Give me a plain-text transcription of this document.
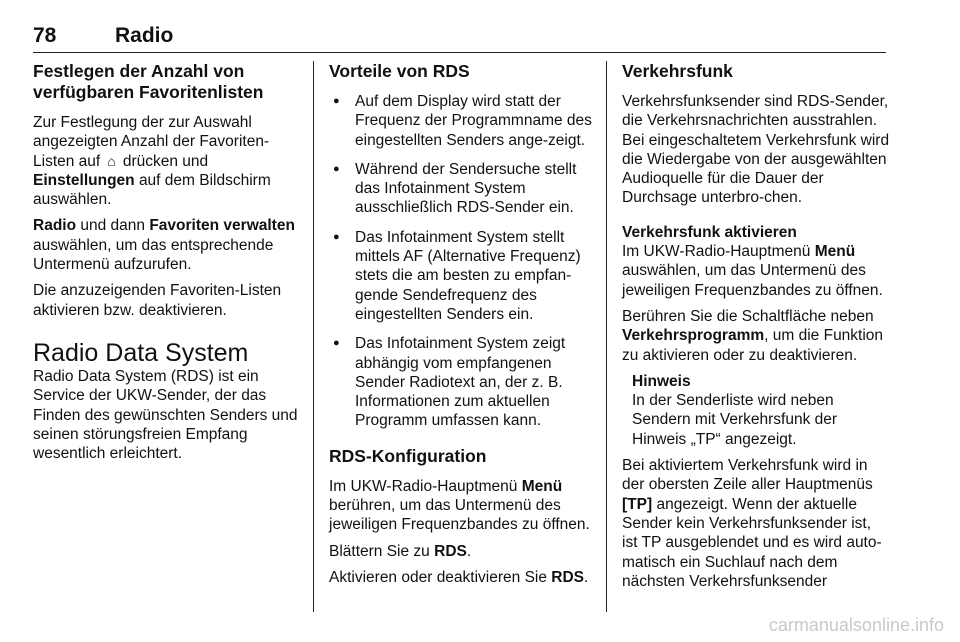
78	Radio
Festlegen der Anzahl von verfügbaren Favoritenlisten

Zur Festlegung der zur Auswahl angezeigten Anzahl der Favoriten-Listen auf ⌂ drücken und
Einstellungen auf dem Bildschirm auswählen.

Radio und dann Favoriten verwalten auswählen, um das entsprechende Untermenü aufzurufen.

Die anzuzeigenden Favoriten-Listen aktivieren bzw. deaktivieren.

Radio Data System

Radio Data System (RDS) ist ein Service der UKW-Sender, der das Finden des gewünschten Senders und seinen störungsfreien Empfang wesentlich erleichtert.

Vorteile von RDS
● Auf dem Display wird statt der Frequenz der Programmname des eingestellten Senders ange-zeigt.
● Während der Sendersuche stellt das Infotainment System ausschließlich RDS-Sender ein.
● Das Infotainment System stellt mittels AF (Alternative Frequenz) stets die am besten zu empfan-gende Sendefrequenz des eingestellten Senders ein.
● Das Infotainment System zeigt abhängig vom empfangenen Sender Radiotext an, der z. B. Informationen zum aktuellen Programm umfassen kann.
RDS-Konfiguration

Im UKW-Radio-Hauptmenü Menü berühren, um das Untermenü des jeweiligen Frequenzbandes zu öffnen.

Blättern Sie zu RDS.

Aktivieren oder deaktivieren Sie RDS.

Verkehrsfunk

Verkehrsfunksender sind RDS-Sender, die Verkehrsnachrichten ausstrahlen. Bei eingeschaltetem Verkehrsfunk wird die Wiedergabe von der ausgewählten Audioquelle für die Dauer der Durchsage unterbro-chen.

Verkehrsfunk aktivieren

Im UKW-Radio-Hauptmenü Menü auswählen, um das Untermenü des jeweiligen Frequenzbandes zu öffnen.

Berühren Sie die Schaltfläche neben Verkehrsprogramm, um die Funktion zu aktivieren oder zu deaktivieren.

Hinweis
In der Senderliste wird neben Sendern mit Verkehrsfunk der Hinweis „TP“ angezeigt.

Bei aktiviertem Verkehrsfunk wird in der obersten Zeile aller Hauptmenüs [TP] angezeigt. Wenn der aktuelle Sender kein Verkehrsfunksender ist, ist TP ausgeblendet und es wird auto-matisch ein Suchlauf nach dem nächsten Verkehrsfunksender

carmanualsonline.info
